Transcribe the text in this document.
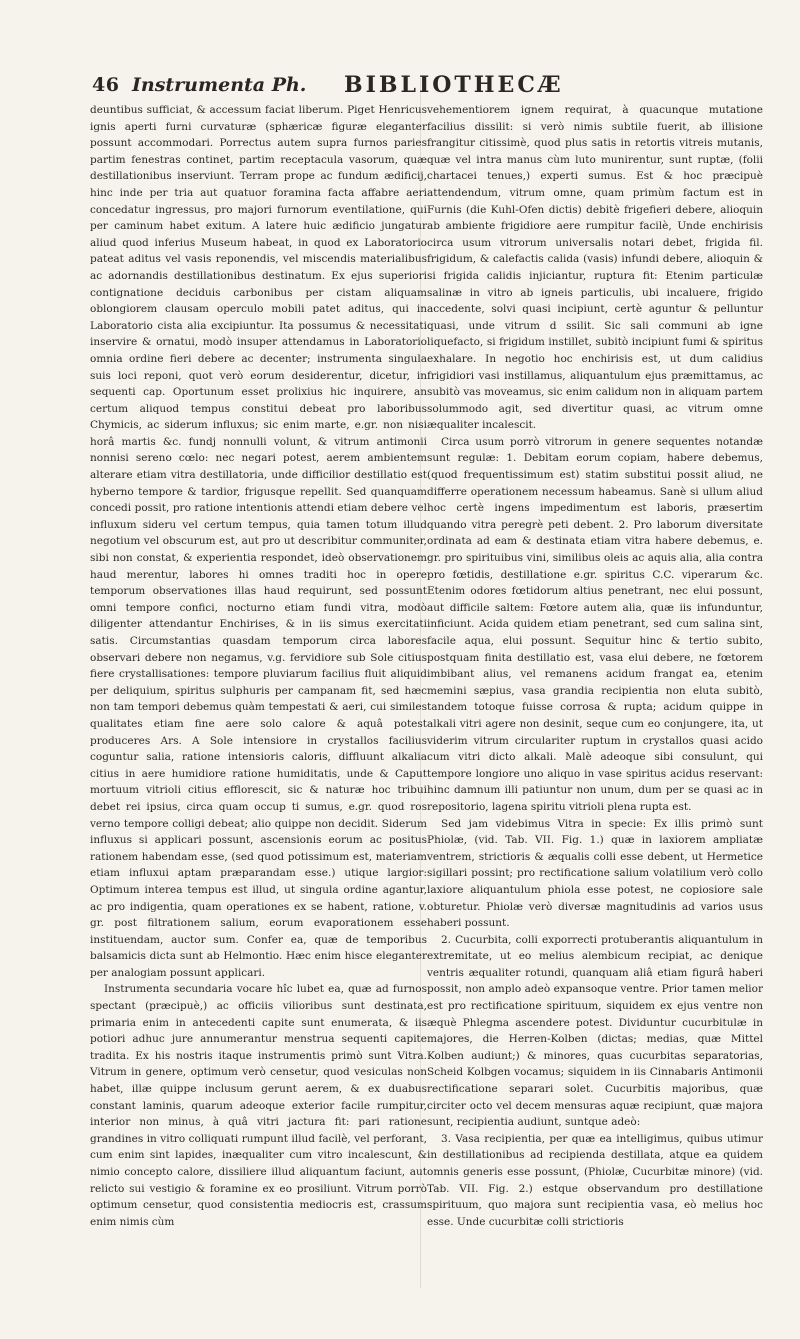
46 Instrumenta Ph. BIBLIOTHECÆ

deuntibus sufficiat, & accessum faciat liberum. Piget Henricus ignis aperti furni curvaturæ (sphæricæ figuræ eleganter possunt accommodari. Porrectus autem supra furnos paries partim fenestras continet, partim receptacula vasorum, quæ destillationibus inserviunt. Terram prope ac fundum ædificij, hinc inde per tria aut quatuor foramina facta affabre aeri concedatur ingressus, pro majori furnorum eventilatione, qui per caminum habet exitum. A latere huic ædificio jungatur aliud quod inferius Museum habeat, in quod ex Laboratorio pateat aditus vel vasis reponendis, vel miscendis materialibus ac adornandis destillationibus destinatum. Ex ejus superiori contignatione deciduis carbonibus per cistam aliquam oblongiorem clausam operculo mobili patet aditus, qui in Laboratorio cista alia excipiuntur. Ita possumus & necessitati inservire & ornatui, modò insuper attendamus in Laboratorio omnia ordine fieri debere ac decenter; instrumenta singula suis loci reponi, quot verò eorum desiderentur, dicetur, in sequenti cap. Oportunum esset prolixius hic inquirere, an certum aliquod tempus constitui debeat pro laboribus Chymicis, ac siderum influxus; sic enim marte, e.gr. non nisi horâ martis &c. fundj nonnulli volunt, & vitrum antimonii nonnisi sereno cœlo: nec negari potest, aerem ambientem alterare etiam vitra destillatoria, unde difficilior destillatio est hyberno tempore & tardior, frigusque repellit. Sed quanquam concedi possit, pro ratione intentionis attendi etiam debere vel influxum sideru vel certum tempus, quia tamen totum illud negotium vel obscurum est, aut pro ut describitur communiter, sibi non constat, & experientia respondet, ideò observationem haud merentur, labores hi omnes traditi hoc in opere temporum observationes illas haud requirunt, sed possunt omni tempore confici, nocturno etiam fundi vitra, modò diligenter attendantur Enchirises, & in iis simus exercitati satis. Circumstantias quasdam temporum circa labores observari debere non negamus, v.g. fervidiore sub Sole citius fiere crystallisationes: tempore pluviarum facilius fluit aliquid per deliquium, spiritus sulphuris per campanam fit, sed hæc non tam tempori debemus quàm tempestati & aeri, cui similes qualitates etiam fine aere solo calore & aquâ potest produceres Ars. A Sole intensiore in crystallos facilius coguntur salia, ratione intensioris caloris, diffluunt alkalia citius in aere humidiore ratione humiditatis, unde & Caput mortuum vitrioli citius efflorescit, sic & naturæ hoc tribui debet rei ipsius, circa quam occup ti sumus, e.gr. quod ros verno tempore colligi debeat; alio quippe non decidit. Siderum influxus si applicari possunt, ascensionis eorum ac positus rationem habendam esse, (sed quod potissimum est, materiam etiam influxui aptam præparandam esse.) utique largior: Optimum interea tempus est illud, ut singula ordine agantur, ac pro indigentia, quam operationes ex se habent, ratione, v. gr. post filtrationem salium, eorum evaporationem esse instituendam, auctor sum. Confer ea, quæ de temporibus balsamicis dicta sunt ab Helmontio. Hæc enim hisce eleganter per analogiam possunt applicari.

Instrumenta secundaria vocare hîc lubet ea, quæ ad furnos spectant (præcipuè,) ac officiis vilioribus sunt destinata, primaria enim in antecedenti capite sunt enumerata, & iis potiori adhuc jure annumerantur menstrua sequenti capite tradita. Ex his nostris itaque instrumentis primò sunt Vitra. Vitrum in genere, optimum verò censetur, quod vesiculas non habet, illæ quippe inclusum gerunt aerem, & ex duabus constant laminis, quarum adeoque exterior facile rumpitur, interior non minus, à quâ vitri jactura fit: pari ratione grandines in vitro colliquati rumpunt illud facilè, vel perforant, cum enim sint lapides, inæqualiter cum vitro incalescunt, & nimio concepto calore, dissiliere illud aliquantum faciunt, aut relicto sui vestigio & foramine ex eo prosiliunt. Vitrum porrò optimum censetur, quod consistentia mediocris est, crassum enim nimis cùm

vehementiorem ignem requirat, à quacunque mutatione facilius dissilit: si verò nimis subtile fuerit, ab illisione frangitur citissimè, quod plus satis in retortis vitreis mutanis, quæ vel intra manus cùm luto munirentur, sunt ruptæ, (folii chartacei tenues,) experti sumus. Est & hoc præcipuè attendendum, vitrum omne, quam primùm factum est in Furnis (die Kuhl-Ofen dictis) debitè frigefieri debere, alioquin ab ambiente frigidiore aere rumpitur facilè, Unde enchirisis circa usum vitrorum universalis notari debet, frigida fil. frigidum, & calefactis calida (vasis) infundi debere, alioquin & si frigida calidis injiciantur, ruptura fit: Etenim particulæ salinæ in vitro ab igneis particulis, ubi incaluere, frigido accedente, solvi quasi incipiunt, certè aguntur & pelluntur quasi, unde vitrum d ssilit. Sic sali communi ab igne liquefacto, si frigidum instillet, subitò incipiunt fumi & spiritus exhalare. In negotio hoc enchirisis est, ut dum calidius frigidiori vasi instillamus, aliquantulum ejus præmittamus, ac subitò vas moveamus, sic enim calidum non in aliquam partem solummodo agit, sed divertitur quasi, ac vitrum omne æqualiter incalescit.

Circa usum porrò vitrorum in genere sequentes notandæ sunt regulæ: 1. Debitam eorum copiam, habere debemus, (quod frequentissimum est) statim substitui possit aliud, ne differre operationem necessum habeamus. Sanè si ullum aliud hoc certè ingens impedimentum est laboris, præsertim quando vitra peregrè peti debent. 2. Pro laborum diversitate ordinata ad eam & destinata etiam vitra habere debemus, e. gr. pro spirituibus vini, similibus oleis ac aquis alia, alia contra pro fœtidis, destillatione e.gr. spiritus C.C. viperarum &c. Etenim odores fœtidorum altius penetrant, nec elui possunt, aut difficile saltem: Fœtore autem alia, quæ iis infunduntur, inficiunt. Acida quidem etiam penetrant, sed cum salina sint, facile aqua, elui possunt. Sequitur hinc & tertio subito, postquam finita destillatio est, vasa elui debere, ne fœtorem imbibant alius, vel remanens acidum frangat ea, etenim memini sæpius, vasa grandia recipientia non eluta subitò, tandem totoque fuisse corrosa & rupta; acidum quippe in alkali vitri agere non desinit, seque cum eo conjungere, ita, ut viderim vitrum circulariter ruptum in crystallos quasi acido cum vitri dicto alkali. Malè adeoque sibi consulunt, qui tempore longiore uno aliquo in vase spiritus acidus reservant: hinc damnum illi patiuntur non unum, dum per se quasi ac in repositorio, lagena spiritu vitrioli plena rupta est.

Sed jam videbimus Vitra in specie: Ex illis primò sunt Phiolæ, (vid. Tab. VII. Fig. 1.) quæ in laxiorem ampliatæ ventrem, strictioris & æqualis colli esse debent, ut Hermetice sigillari possint; pro rectificatione salium volatilium verò collo laxiore aliquantulum phiola esse potest, ne copiosiore sale obturetur. Phiolæ verò diversæ magnitudinis ad varios usus haberi possunt.

2. Cucurbita, colli exporrecti protuberantis aliquantulum in extremitate, ut eo melius alembicum recipiat, ac denique ventris æqualiter rotundi, quanquam aliâ etiam figurâ haberi possit, non amplo adeò expansoque ventre. Prior tamen melior est pro rectificatione spirituum, siquidem ex ejus ventre non æquè Phlegma ascendere potest. Dividuntur cucurbitulæ in majores, die Herren-Kolben (dictas; medias, quæ Mittel Kolben audiunt;) & minores, quas cucurbitas separatorias, Scheid Kolbgen vocamus; siquidem in iis Cinnabaris Antimonii rectificatione separari solet. Cucurbitis majoribus, quæ circiter octo vel decem mensuras aquæ recipiunt, quæ majora sunt, recipientia audiunt, suntque adeò:

3. Vasa recipientia, per quæ ea intelligimus, quibus utimur in destillationibus ad recipienda destillata, atque ea quidem omnis generis esse possunt, (Phiolæ, Cucurbitæ minore) (vid. Tab. VII. Fig. 2.) estque observandum pro destillatione spirituum, quo majora sunt recipientia vasa, eò melius hoc esse. Unde cucurbitæ colli strictioris
